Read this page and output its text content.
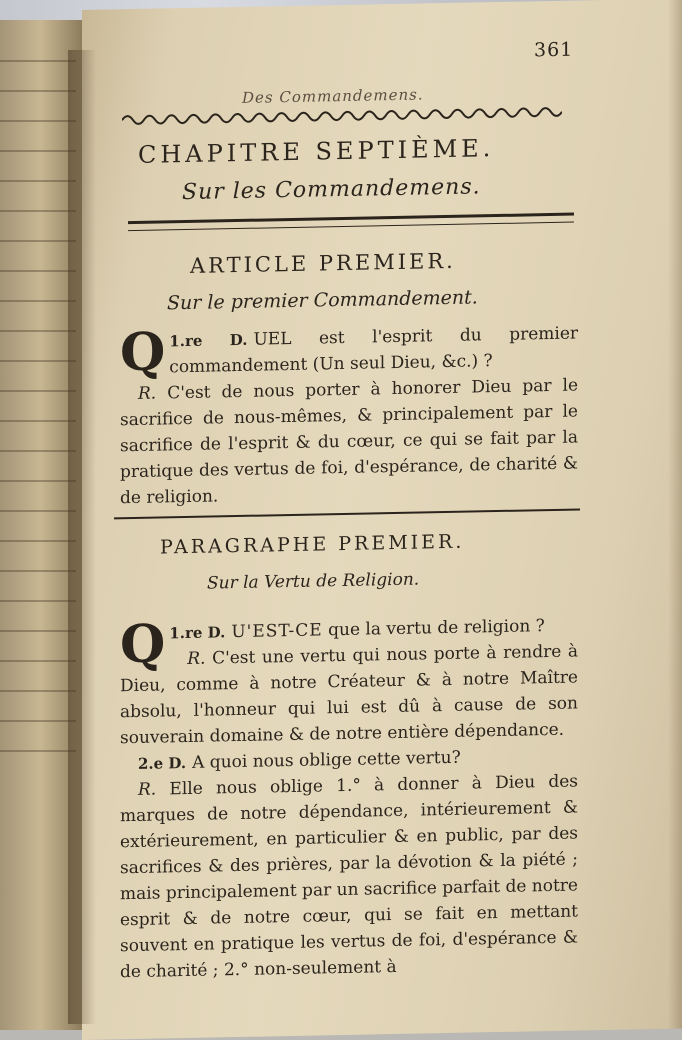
361
Des Commandemens.
CHAPITRE SEPTIÈME.
Sur les Commandemens.
ARTICLE PREMIER.
Sur le premier Commandement.
1.re D.
Q	UEL est l'esprit du premier commandement (Un seul Dieu, &c.) ?
R. C'est de nous porter à honorer Dieu par le sacrifice de nous-mêmes, & principalement par le sacrifice de l'esprit & du cœur, ce qui se fait par la pratique des vertus de foi, d'espérance, de charité & de religion.
PARAGRAPHE PREMIER.
Sur la Vertu de Religion.
1.re D.
Q	U'EST-CE que la vertu de religion ?
R. C'est une vertu qui nous porte à rendre à Dieu, comme à notre Créateur & à notre Maître absolu, l'honneur qui lui est dû à cause de son souverain domaine & de notre entière dépendance.
2.e D. A quoi nous oblige cette vertu?
R. Elle nous oblige 1.° à donner à Dieu des marques de notre dépendance, intérieurement & extérieurement, en particulier & en public, par des sacrifices & des prières, par la dévotion & la piété ; mais principalement par un sacrifice parfait de notre esprit & de notre cœur, qui se fait en mettant souvent en pratique les vertus de foi, d'espérance & de charité ; 2.° non-seulement à
